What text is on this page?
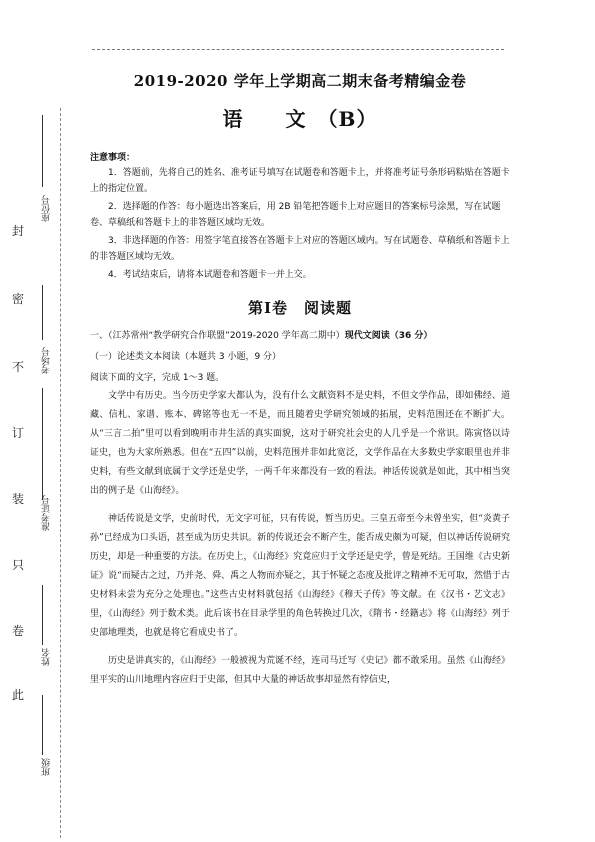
封
密
不
订
装
只
卷
此
座位号
考场号
准考证号
姓名
班级
2019-2020 学年上学期高二期末备考精编金卷
语　　文　（B）
注意事项：

1．答题前，先将自己的姓名、准考证号填写在试题卷和答题卡上，并将准考证号条形码粘贴在答题卡上的指定位置。

2．选择题的作答：每小题选出答案后，用 2B 铅笔把答题卡上对应题目的答案标号涂黑，写在试题卷、草稿纸和答题卡上的非答题区域均无效。

3．非选择题的作答：用签字笔直接答在答题卡上对应的答题区域内。写在试题卷、草稿纸和答题卡上的非答题区域均无效。

4．考试结束后，请将本试题卷和答题卡一并上交。

第Ⅰ卷　阅读题
一、（江苏常州“教学研究合作联盟”2019-2020 学年高二期中）现代文阅读（36 分）
（一）论述类文本阅读（本题共 3 小题，9 分）
阅读下面的文字，完成 1～3 题。

文学中有历史。当今历史学家大都认为，没有什么文献资料不是史料，不但文学作品，即如佛经、道藏、信札、家谱、账本、碑铭等也无一不是，而且随着史学研究领域的拓展，史料范围还在不断扩大。从“三言二拍”里可以看到晚明市井生活的真实面貌，这对于研究社会史的人几乎是一个常识。陈寅恪以诗证史，也为大家所熟悉。但在“五四”以前，史料范围并非如此宽泛，文学作品在大多数史学家眼里也并非史料，有些文献到底属于文学还是史学，一两千年来都没有一致的看法。神话传说就是如此，其中相当突出的例子是《山海经》。

神话传说是文学，史前时代，无文字可征，只有传说，暂当历史。三皇五帝至今未曾坐实，但“炎黄子孙”已经成为口头语，甚至成为历史共识。新的传说还会不断产生，能否成史颇为可疑，但以神话传说研究历史，却是一种重要的方法。在历史上，《山海经》究竟应归于文学还是史学，曾是死结。王国维《古史新证》说“而疑古之过，乃并尧、舜、禹之人物而亦疑之，其于怀疑之态度及批评之精神不无可取，然惜于古史材料未尝为充分之处理也。”这些古史材料就包括《山海经》《穆天子传》等文献。在《汉书・艺文志》里，《山海经》列于数术类。此后该书在目录学里的角色转换过几次，《隋书・经籍志》将《山海经》列于史部地理类，也就是将它看成史书了。

历史是讲真实的，《山海经》一般被视为荒诞不经，连司马迁写《史记》都不敢采用。虽然《山海经》里平实的山川地理内容应归于史部，但其中大量的神话故事却显然有悖信史，
